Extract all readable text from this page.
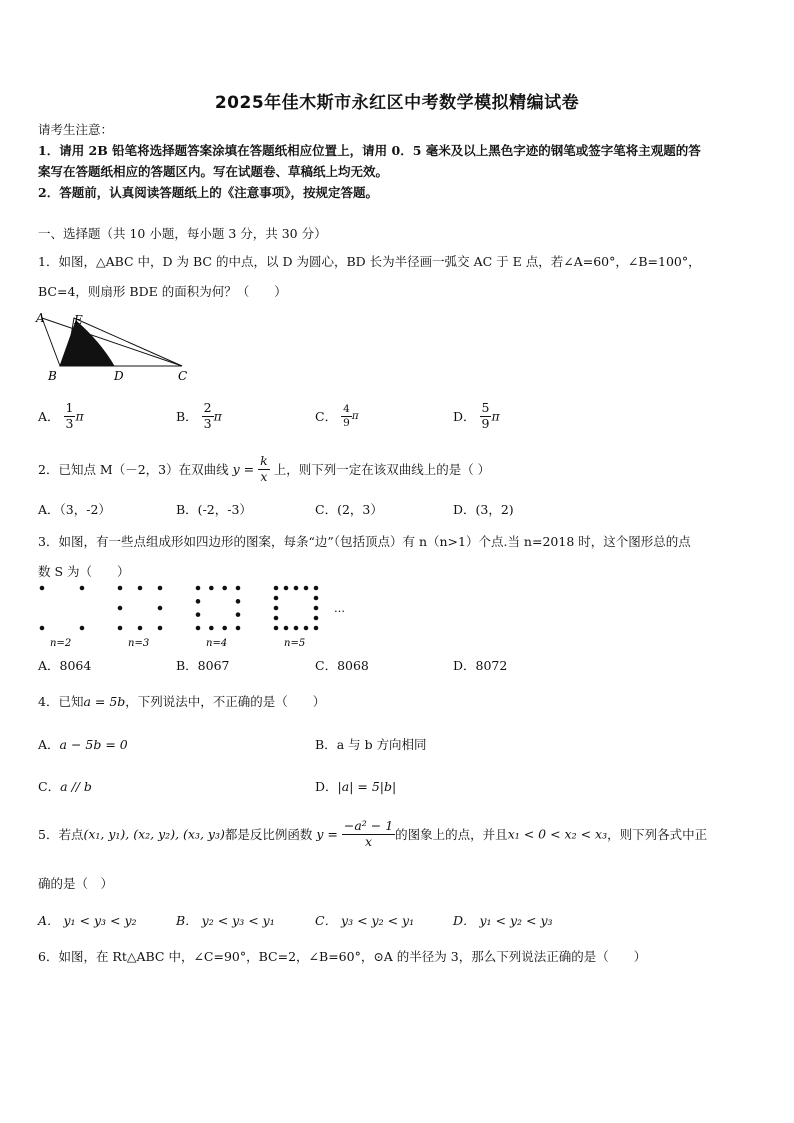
2025年佳木斯市永红区中考数学模拟精编试卷
请考生注意：
1．请用 2B 铅笔将选择题答案涂填在答题纸相应位置上，请用 0．5 毫米及以上黑色字迹的钢笔或签字笔将主观题的答
案写在答题纸相应的答题区内。写在试题卷、草稿纸上均无效。
2．答题前，认真阅读答题纸上的《注意事项》，按规定答题。
一、选择题（共 10 小题，每小题 3 分，共 30 分）
1．如图，△ABC 中，D 为 BC 的中点，以 D 为圆心，BD 长为半径画一弧交 AC 于 E 点，若∠A=60°，∠B=100°，
BC=4，则扇形 BDE 的面积为何？（　　）
A E
B	D	C
A． $\frac{1}{3}$ π	B． $\frac{2}{3}$ π	C． $\frac{4}{9}$ π	D． $\frac{5}{9}$ π
2．已知点 M（－2，3）在双曲线 $y = \frac{k}{x}$ 上，则下列一定在该双曲线上的是（ ）
A．（3，-2）	B．(-2，-3）	C．(2，3）	D．(3，2)
3．如图，有一些点组成形如四边形的图案，每条“边”（包括顶点）有 n（n>1）个点.当 n=2018 时，这个图形总的点
数 S 为（　　）
…
n=2	n=3	n=4	n=5
A．8064	B．8067	C．8068	D．8072
4．已知a = 5b，下列说法中，不正确的是（　　）
A．a − 5b = 0	B．a 与 b 方向相同
C．a // b	D．|a| = 5|b|
5．若点(x₁, y₁), (x₂, y₂), (x₃, y₃)都是反比例函数 $y = \frac{\text{−a² − 1}}{x}$ 的图象上的点，并且x₁ < 0 < x₂ < x₃，则下列各式中正
确的是（　）
A． y₁ < y₃ < y₂	B． y₂ < y₃ < y₁	C． y₃ < y₂ < y₁	D． y₁ < y₂ < y₃
6．如图，在 Rt△ABC 中，∠C=90°，BC=2，∠B=60°，⊙A 的半径为 3，那么下列说法正确的是（　　）
